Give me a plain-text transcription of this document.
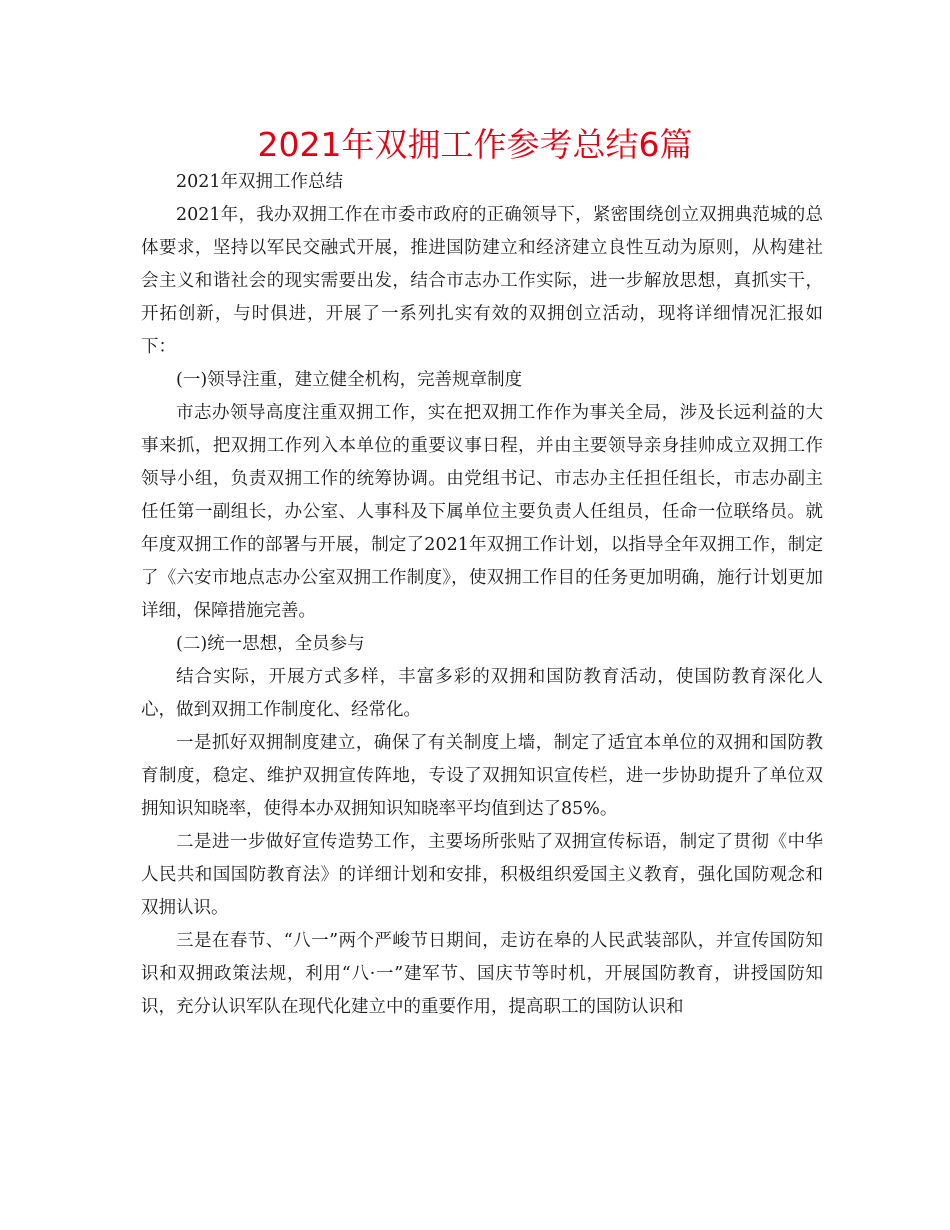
2021年双拥工作参考总结6篇

2021年双拥工作总结

2021年，我办双拥工作在市委市政府的正确领导下，紧密围绕创立双拥典范城的总体要求，坚持以军民交融式开展，推进国防建立和经济建立良性互动为原则，从构建社会主义和谐社会的现实需要出发，结合市志办工作实际，进一步解放思想，真抓实干，开拓创新，与时俱进，开展了一系列扎实有效的双拥创立活动，现将详细情况汇报如下：

(一)领导注重，建立健全机构，完善规章制度

市志办领导高度注重双拥工作，实在把双拥工作作为事关全局，涉及长远利益的大事来抓，把双拥工作列入本单位的重要议事日程，并由主要领导亲身挂帅成立双拥工作领导小组，负责双拥工作的统筹协调。由党组书记、市志办主任担任组长，市志办副主任任第一副组长，办公室、人事科及下属单位主要负责人任组员，任命一位联络员。就年度双拥工作的部署与开展，制定了2021年双拥工作计划，以指导全年双拥工作，制定了《六安市地点志办公室双拥工作制度》，使双拥工作目的任务更加明确，施行计划更加详细，保障措施完善。

(二)统一思想，全员参与

结合实际，开展方式多样，丰富多彩的双拥和国防教育活动，使国防教育深化人心，做到双拥工作制度化、经常化。

一是抓好双拥制度建立，确保了有关制度上墙，制定了适宜本单位的双拥和国防教育制度，稳定、维护双拥宣传阵地，专设了双拥知识宣传栏，进一步协助提升了单位双拥知识知晓率，使得本办双拥知识知晓率平均值到达了85%。

二是进一步做好宣传造势工作，主要场所张贴了双拥宣传标语，制定了贯彻《中华人民共和国国防教育法》的详细计划和安排，积极组织爱国主义教育，强化国防观念和双拥认识。

三是在春节、“八一”两个严峻节日期间，走访在皋的人民武装部队，并宣传国防知识和双拥政策法规，利用“八·一”建军节、国庆节等时机，开展国防教育，讲授国防知识，充分认识军队在现代化建立中的重要作用，提高职工的国防认识和
